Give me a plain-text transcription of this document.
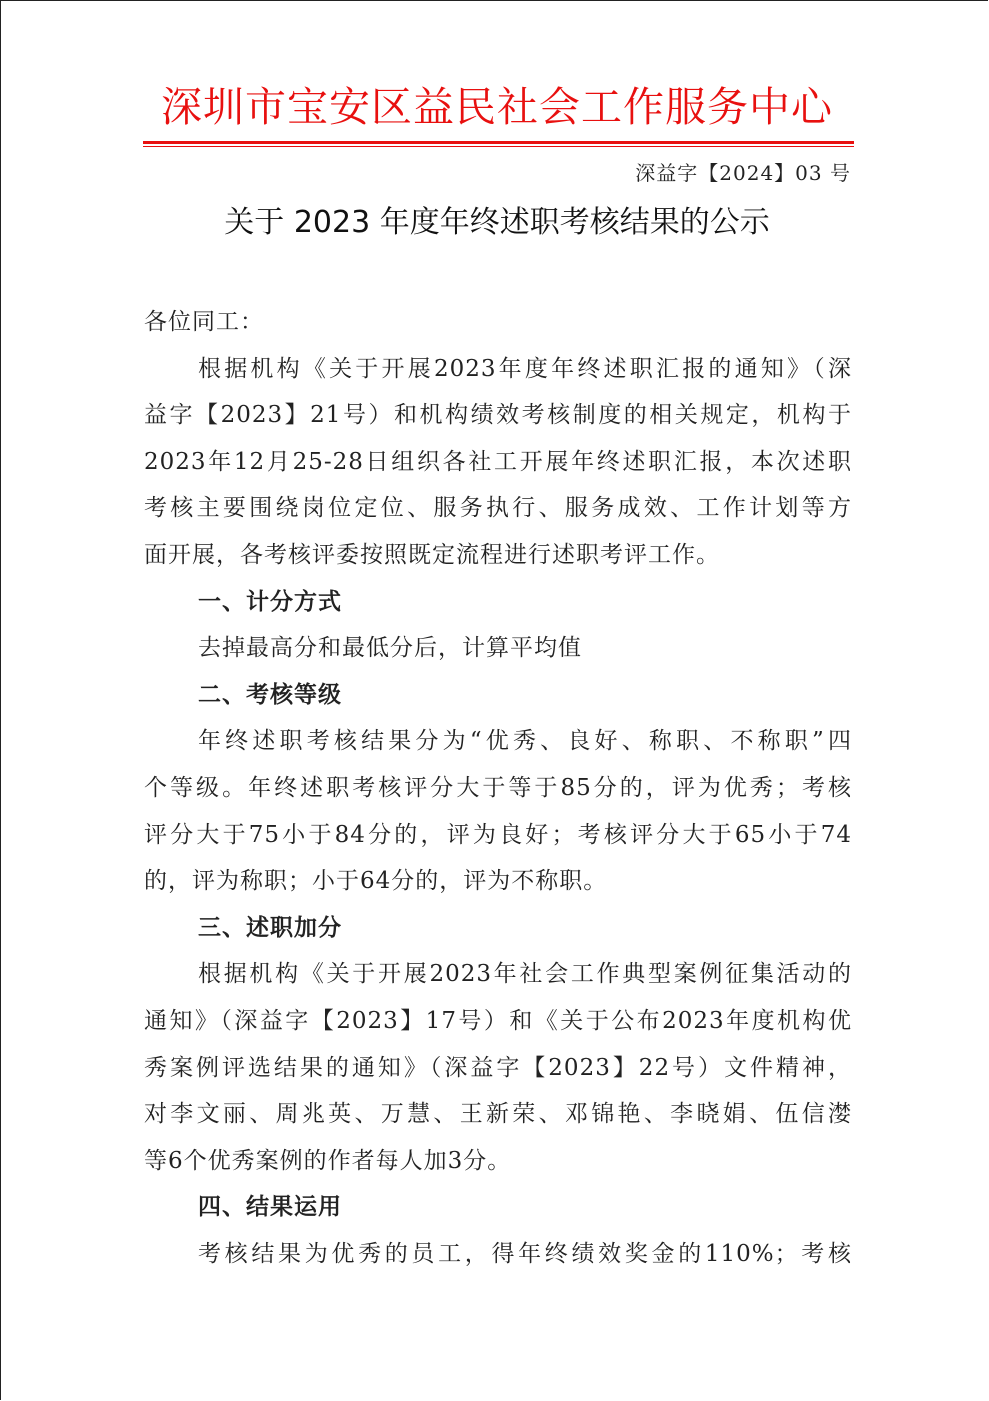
深圳市宝安区益民社会工作服务中心
深益字【2024】03 号
关于 2023 年度年终述职考核结果的公示
各位同工：
根据机构《关于开展2023年度年终述职汇报的通知》（深
益字【2023】21号）和机构绩效考核制度的相关规定，机构于
2023年12月25-28日组织各社工开展年终述职汇报，本次述职
考核主要围绕岗位定位、服务执行、服务成效、工作计划等方
面开展，各考核评委按照既定流程进行述职考评工作。
一、计分方式
去掉最高分和最低分后，计算平均值
二、考核等级
年终述职考核结果分为“优秀、良好、称职、不称职”四
个等级。年终述职考核评分大于等于85分的，评为优秀；考核
评分大于75小于84分的，评为良好；考核评分大于65小于74
的，评为称职；小于64分的，评为不称职。
三、述职加分
根据机构《关于开展2023年社会工作典型案例征集活动的
通知》（深益字【2023】17号）和《关于公布2023年度机构优
秀案例评选结果的通知》（深益字【2023】22号）文件精神，
对李文丽、周兆英、万慧、王新荣、邓锦艳、李晓娟、伍信漤
等6个优秀案例的作者每人加3分。
四、结果运用
考核结果为优秀的员工，得年终绩效奖金的110%；考核
